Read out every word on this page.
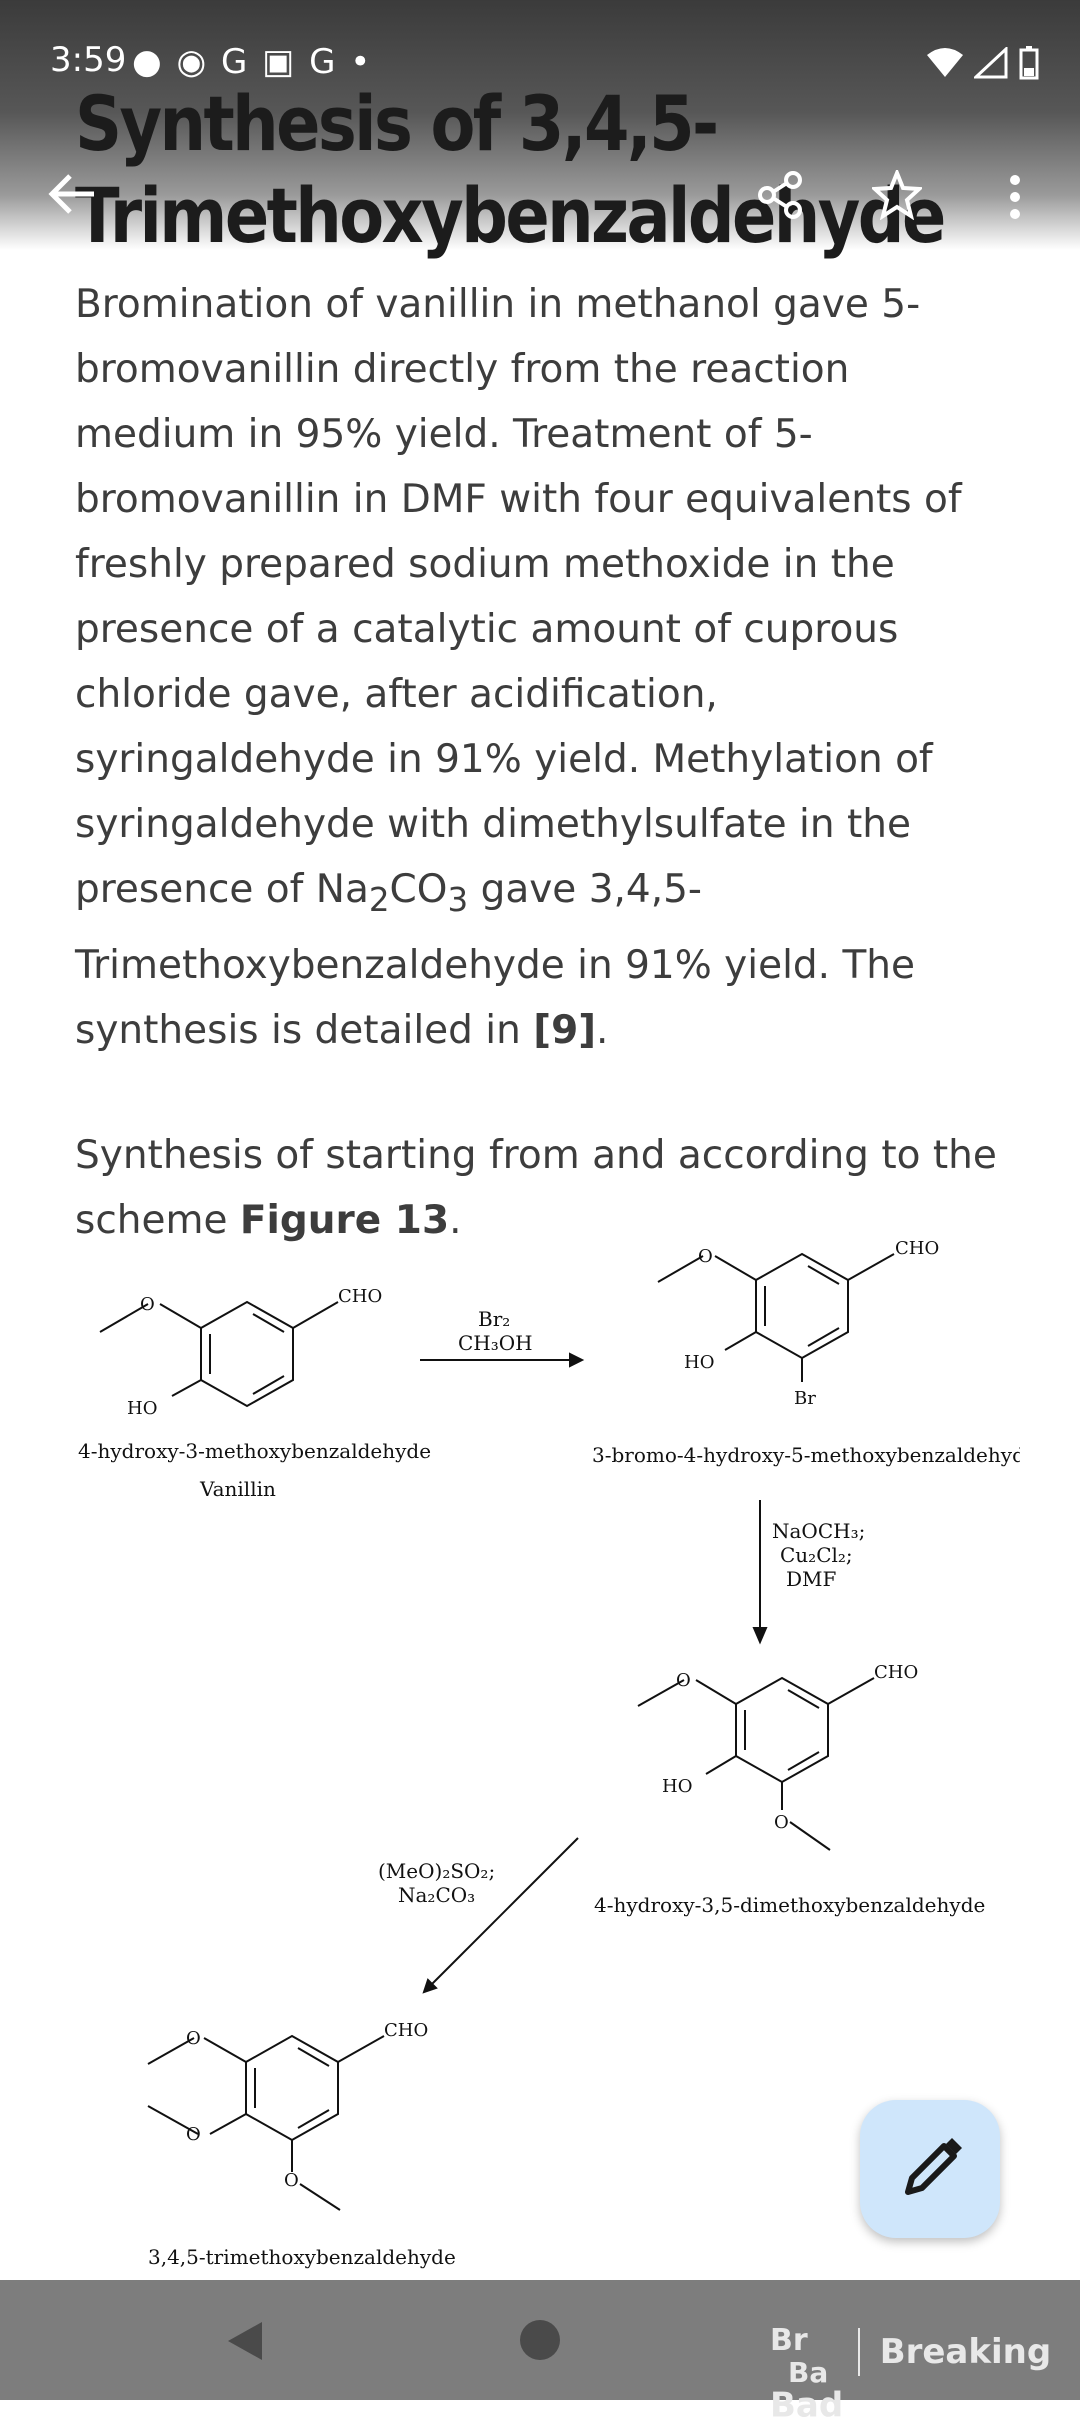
Synthesis of 3,4,5-Trimethoxybenzaldehyde
3:59 ● ◉ G ▣ G •

Bromination of vanillin in methanol gave 5-bromovanillin directly from the reaction medium in 95% yield. Treatment of 5-bromovanillin in DMF with four equivalents of freshly prepared sodium methoxide in the presence of a catalytic amount of cuprous chloride gave, after acidification, syringaldehyde in 91% yield. Methylation of syringaldehyde with dimethylsulfate in the presence of $Na_2CO_3$ gave 3,4,5-Trimethoxybenzaldehyde in 91% yield. The synthesis is detailed in [9].

Synthesis of starting from and according to the scheme Figure 13.

CHO
O
HO
4-hydroxy-3-methoxybenzaldehyde
Vanillin
Br₂
CH₃OH
CHO
O
HO
Br
3-bromo-4-hydroxy-5-methoxybenzaldehyde
NaOCH₃;
Cu₂Cl₂;
DMF
CHO
O
HO
O
4-hydroxy-3,5-dimethoxybenzaldehyde
(MeO)₂SO₂;
Na₂CO₃
CHO
O
O
O
3,4,5-trimethoxybenzaldehyde
Br
Ba
Breaking Bad
